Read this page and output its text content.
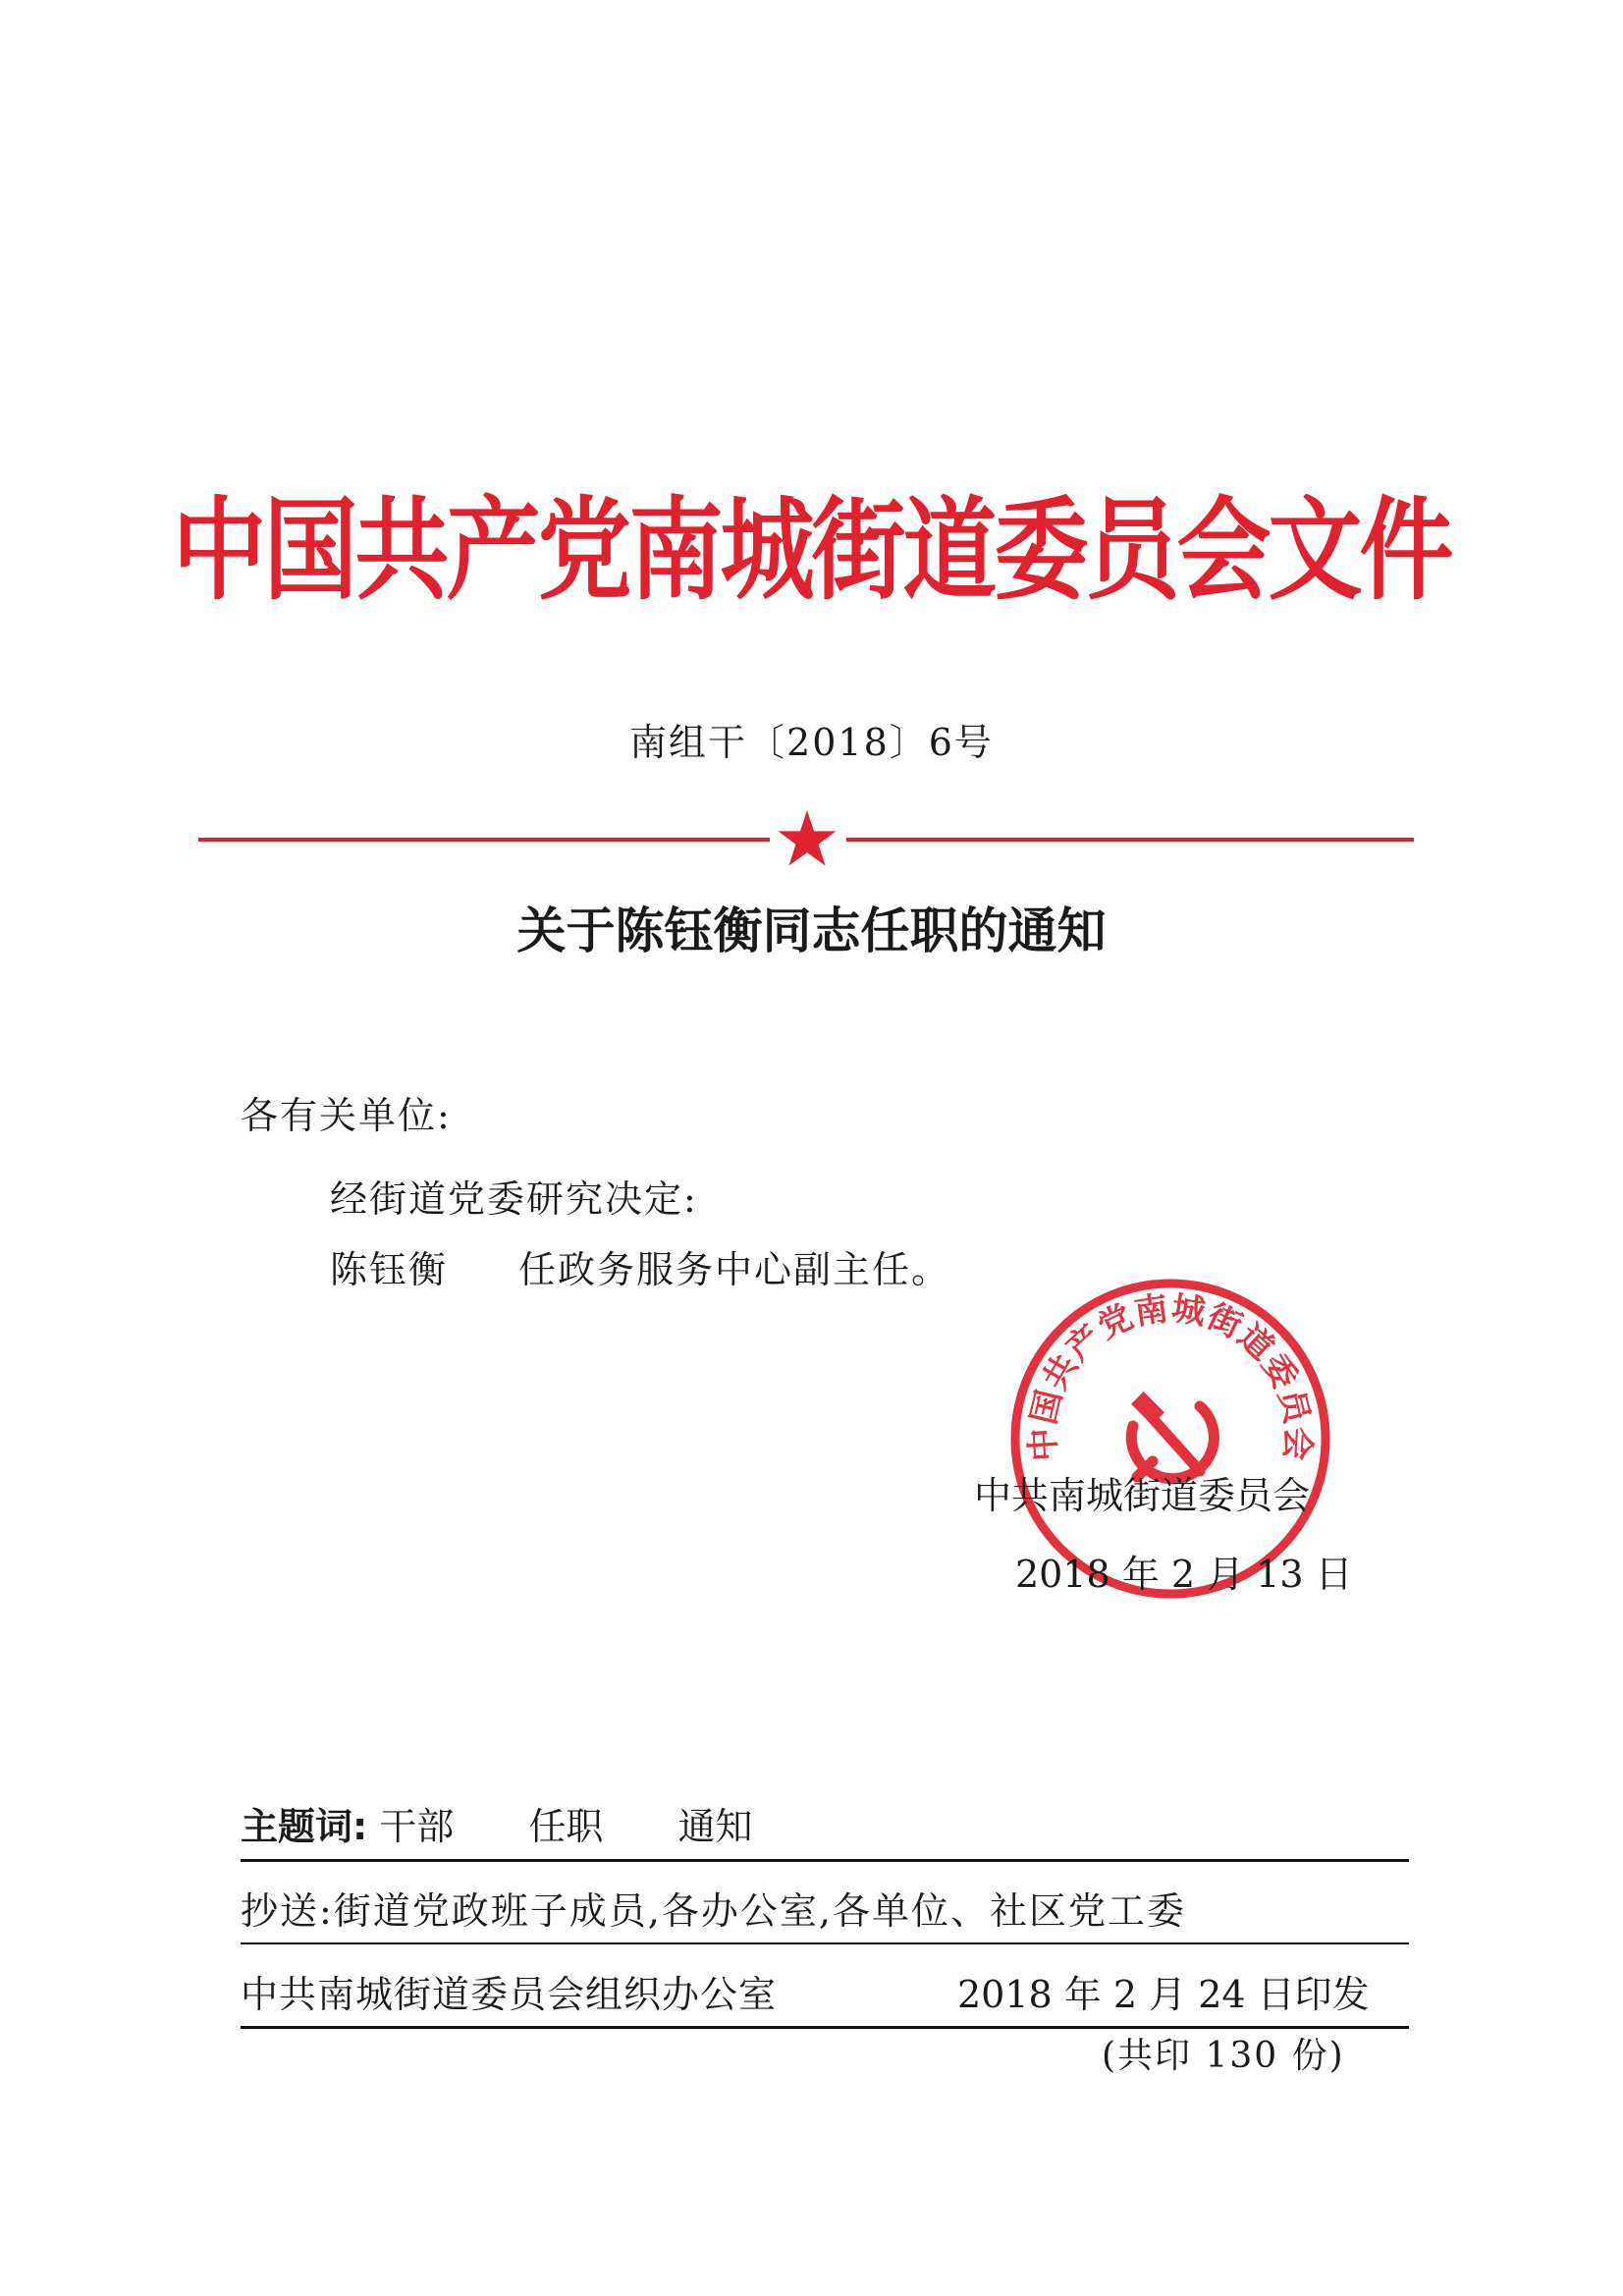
中国共产党南城街道委员会文件
南组干〔2018〕6号
关于陈钰衡同志任职的通知
各有关单位:
经街道党委研究决定:
陈钰衡 任政务服务中心副主任。
中国共产党南城街道委员会
中共南城街道委员会
2018 年 2 月 13 日
主题词: 干部 任职 通知
抄送:街道党政班子成员,各办公室,各单位、社区党工委
中共南城街道委员会组织办公室	2018 年 2 月 24 日印发
(共印 130 份)
